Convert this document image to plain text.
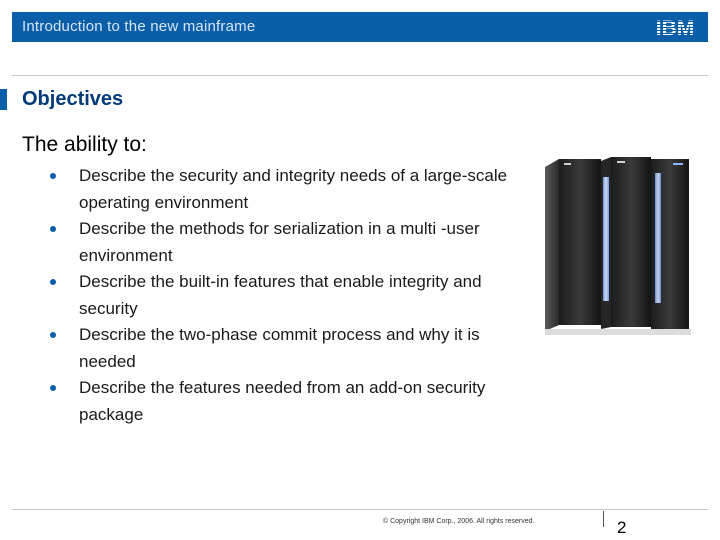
Introduction to the new mainframe	IBM
Objectives
The ability to:
Describe the security and integrity needs of a large-scale operating environment
Describe the methods for serialization in a multi -user environment
Describe the built-in features that enable integrity and security
Describe the two-phase commit process and why it is needed
Describe the features needed from an add-on security package
© Copyright IBM Corp., 2006. All rights reserved.	2
